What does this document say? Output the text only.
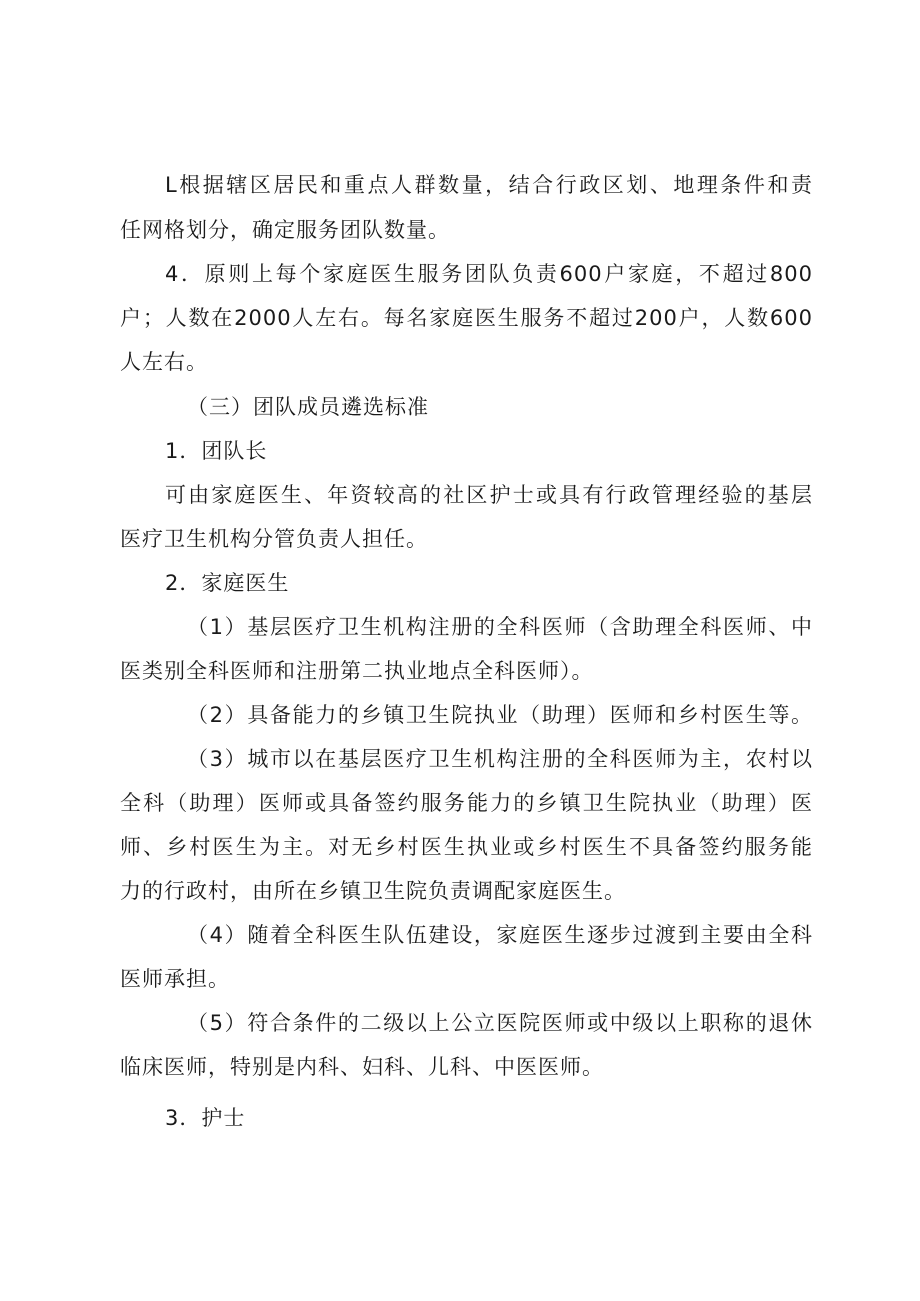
L根据辖区居民和重点人群数量，结合行政区划、地理条件和责

任网格划分，确定服务团队数量。

4．原则上每个家庭医生服务团队负责600户家庭，不超过800

户；人数在2000人左右。每名家庭医生服务不超过200户，人数600

人左右。

（三）团队成员遴选标准

1．团队长

可由家庭医生、年资较高的社区护士或具有行政管理经验的基层

医疗卫生机构分管负责人担任。

2．家庭医生

（1）基层医疗卫生机构注册的全科医师（含助理全科医师、中

医类别全科医师和注册第二执业地点全科医师）。

（2）具备能力的乡镇卫生院执业（助理）医师和乡村医生等。

（3）城市以在基层医疗卫生机构注册的全科医师为主，农村以

全科（助理）医师或具备签约服务能力的乡镇卫生院执业（助理）医

师、乡村医生为主。对无乡村医生执业或乡村医生不具备签约服务能

力的行政村，由所在乡镇卫生院负责调配家庭医生。

（4）随着全科医生队伍建设，家庭医生逐步过渡到主要由全科

医师承担。

（5）符合条件的二级以上公立医院医师或中级以上职称的退休

临床医师，特别是内科、妇科、儿科、中医医师。

3．护士
